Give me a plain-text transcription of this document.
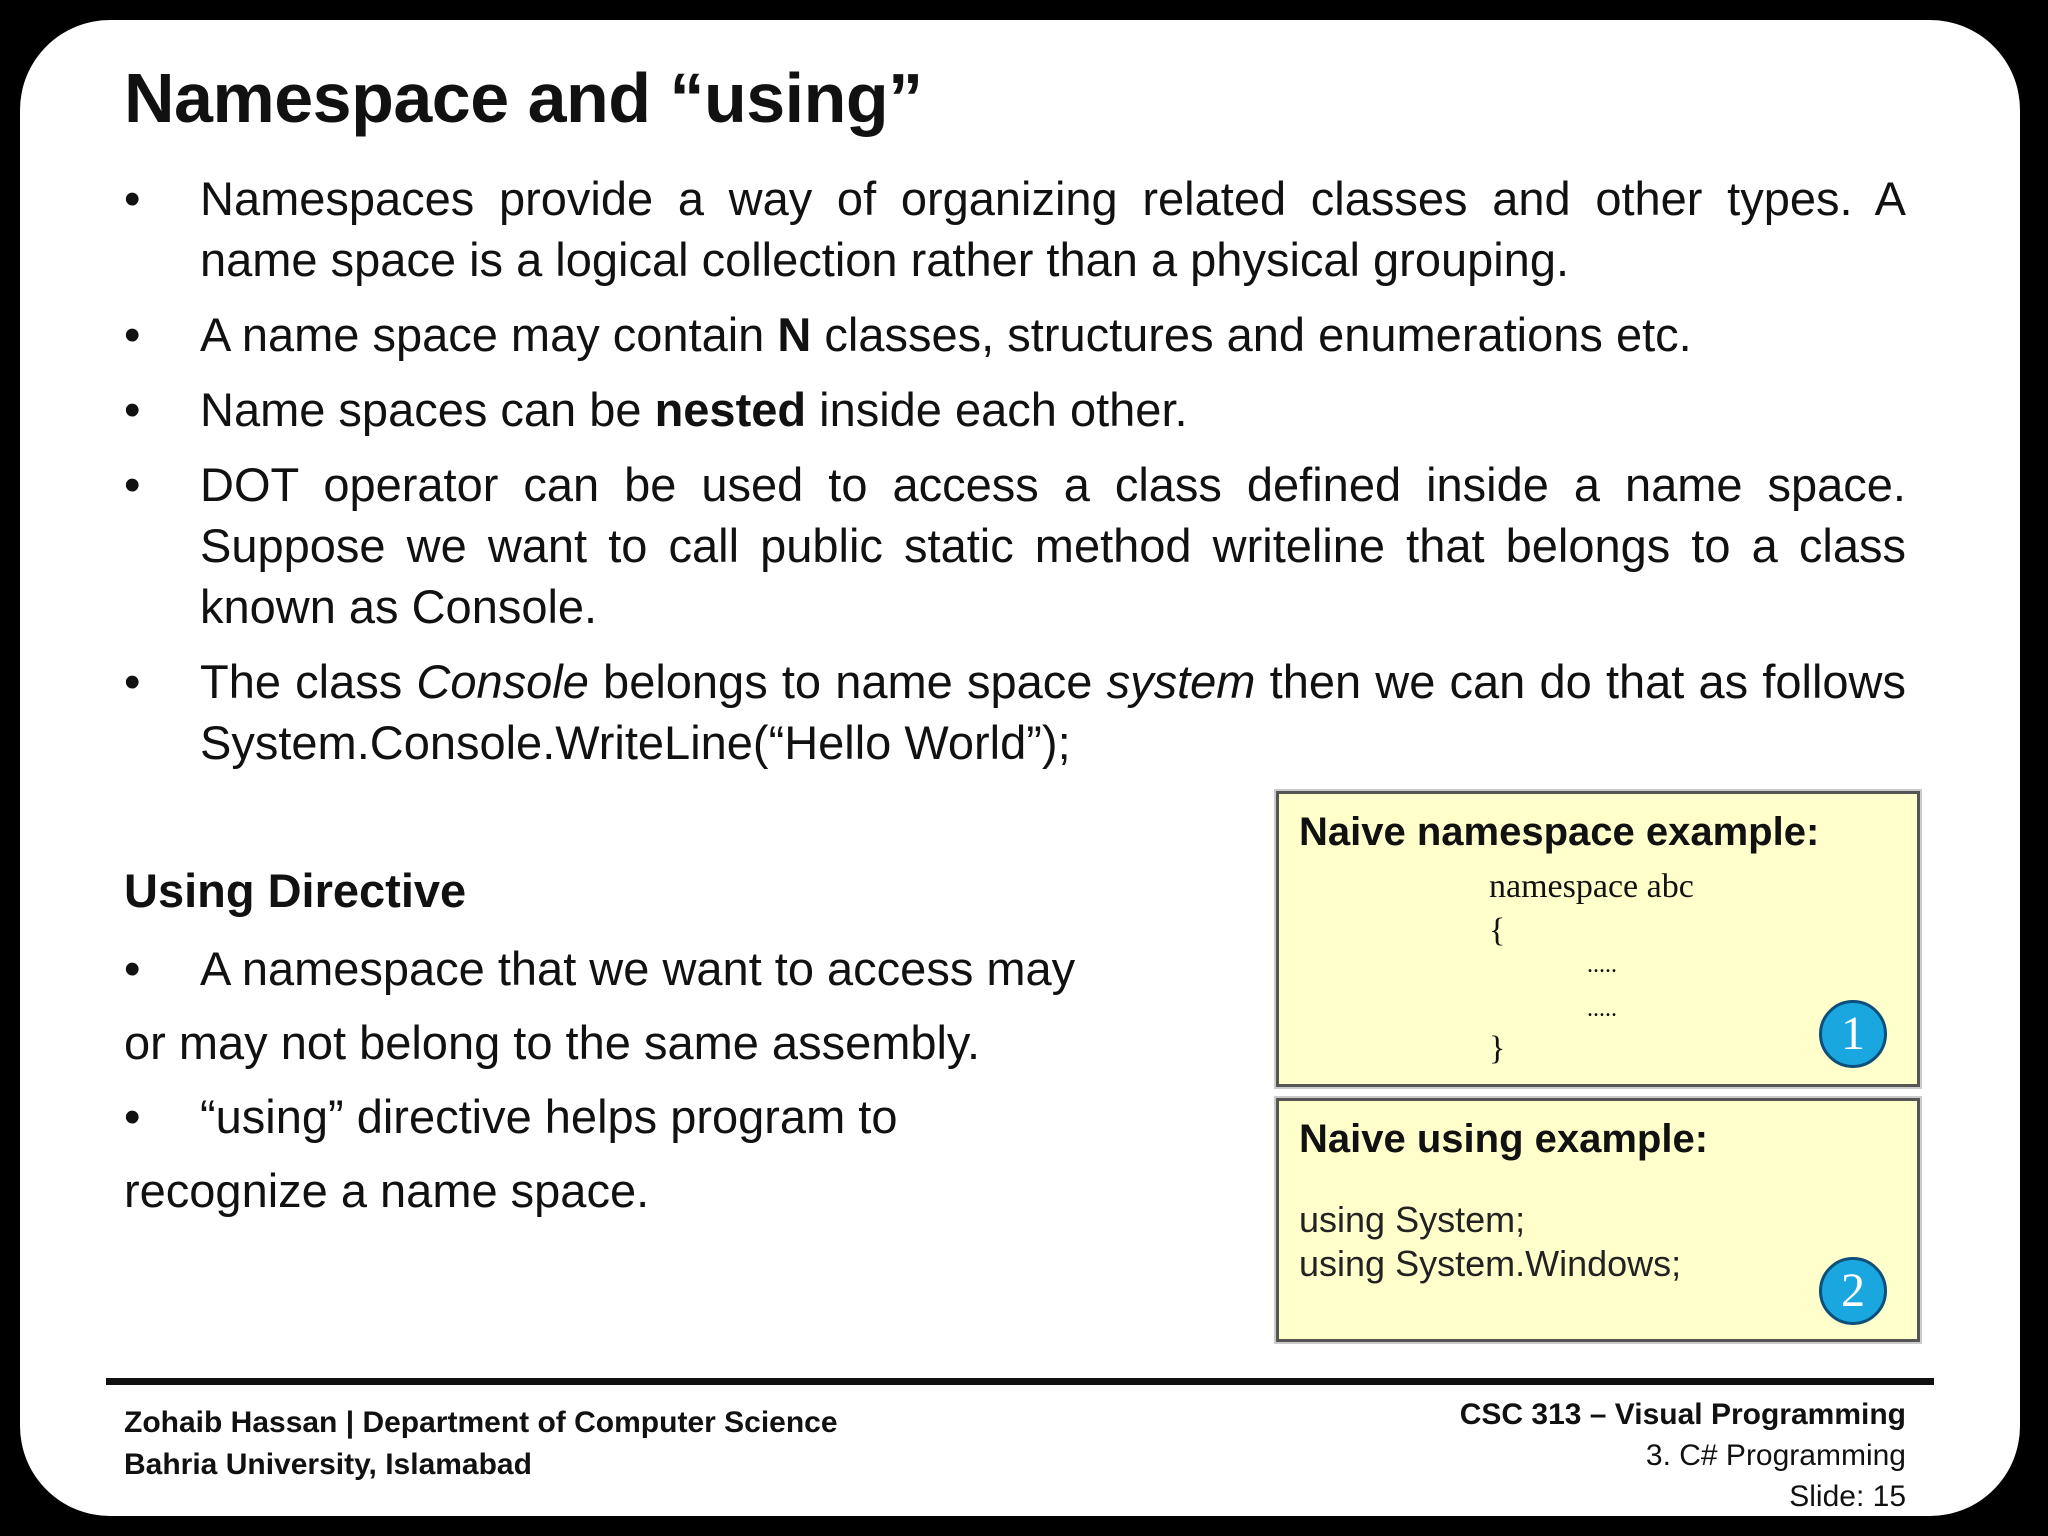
Namespace and “using”
• Namespaces provide a way of organizing related classes and other types. A name space is a logical collection rather than a physical grouping.
• A name space may contain N classes, structures and enumerations etc.
• Name spaces can be nested inside each other.
• DOT operator can be used to access a class defined inside a name space. Suppose we want to call public static method writeline that belongs to a class known as Console.
• The class Console belongs to name space system then we can do that as follows System.Console.WriteLine(“Hello World”);
Using Directive

• A namespace that we want to access may

or may not belong to the same assembly.

• “using” directive helps program to

recognize a name space.

Naive namespace example:
namespace abc
{
.....
.....
}	1
Naive using example:
using System;
using System.Windows;
2
Zohaib Hassan | Department of Computer Science
Bahria University, Islamabad
CSC 313 – Visual Programming
3. C# Programming
Slide: 15
